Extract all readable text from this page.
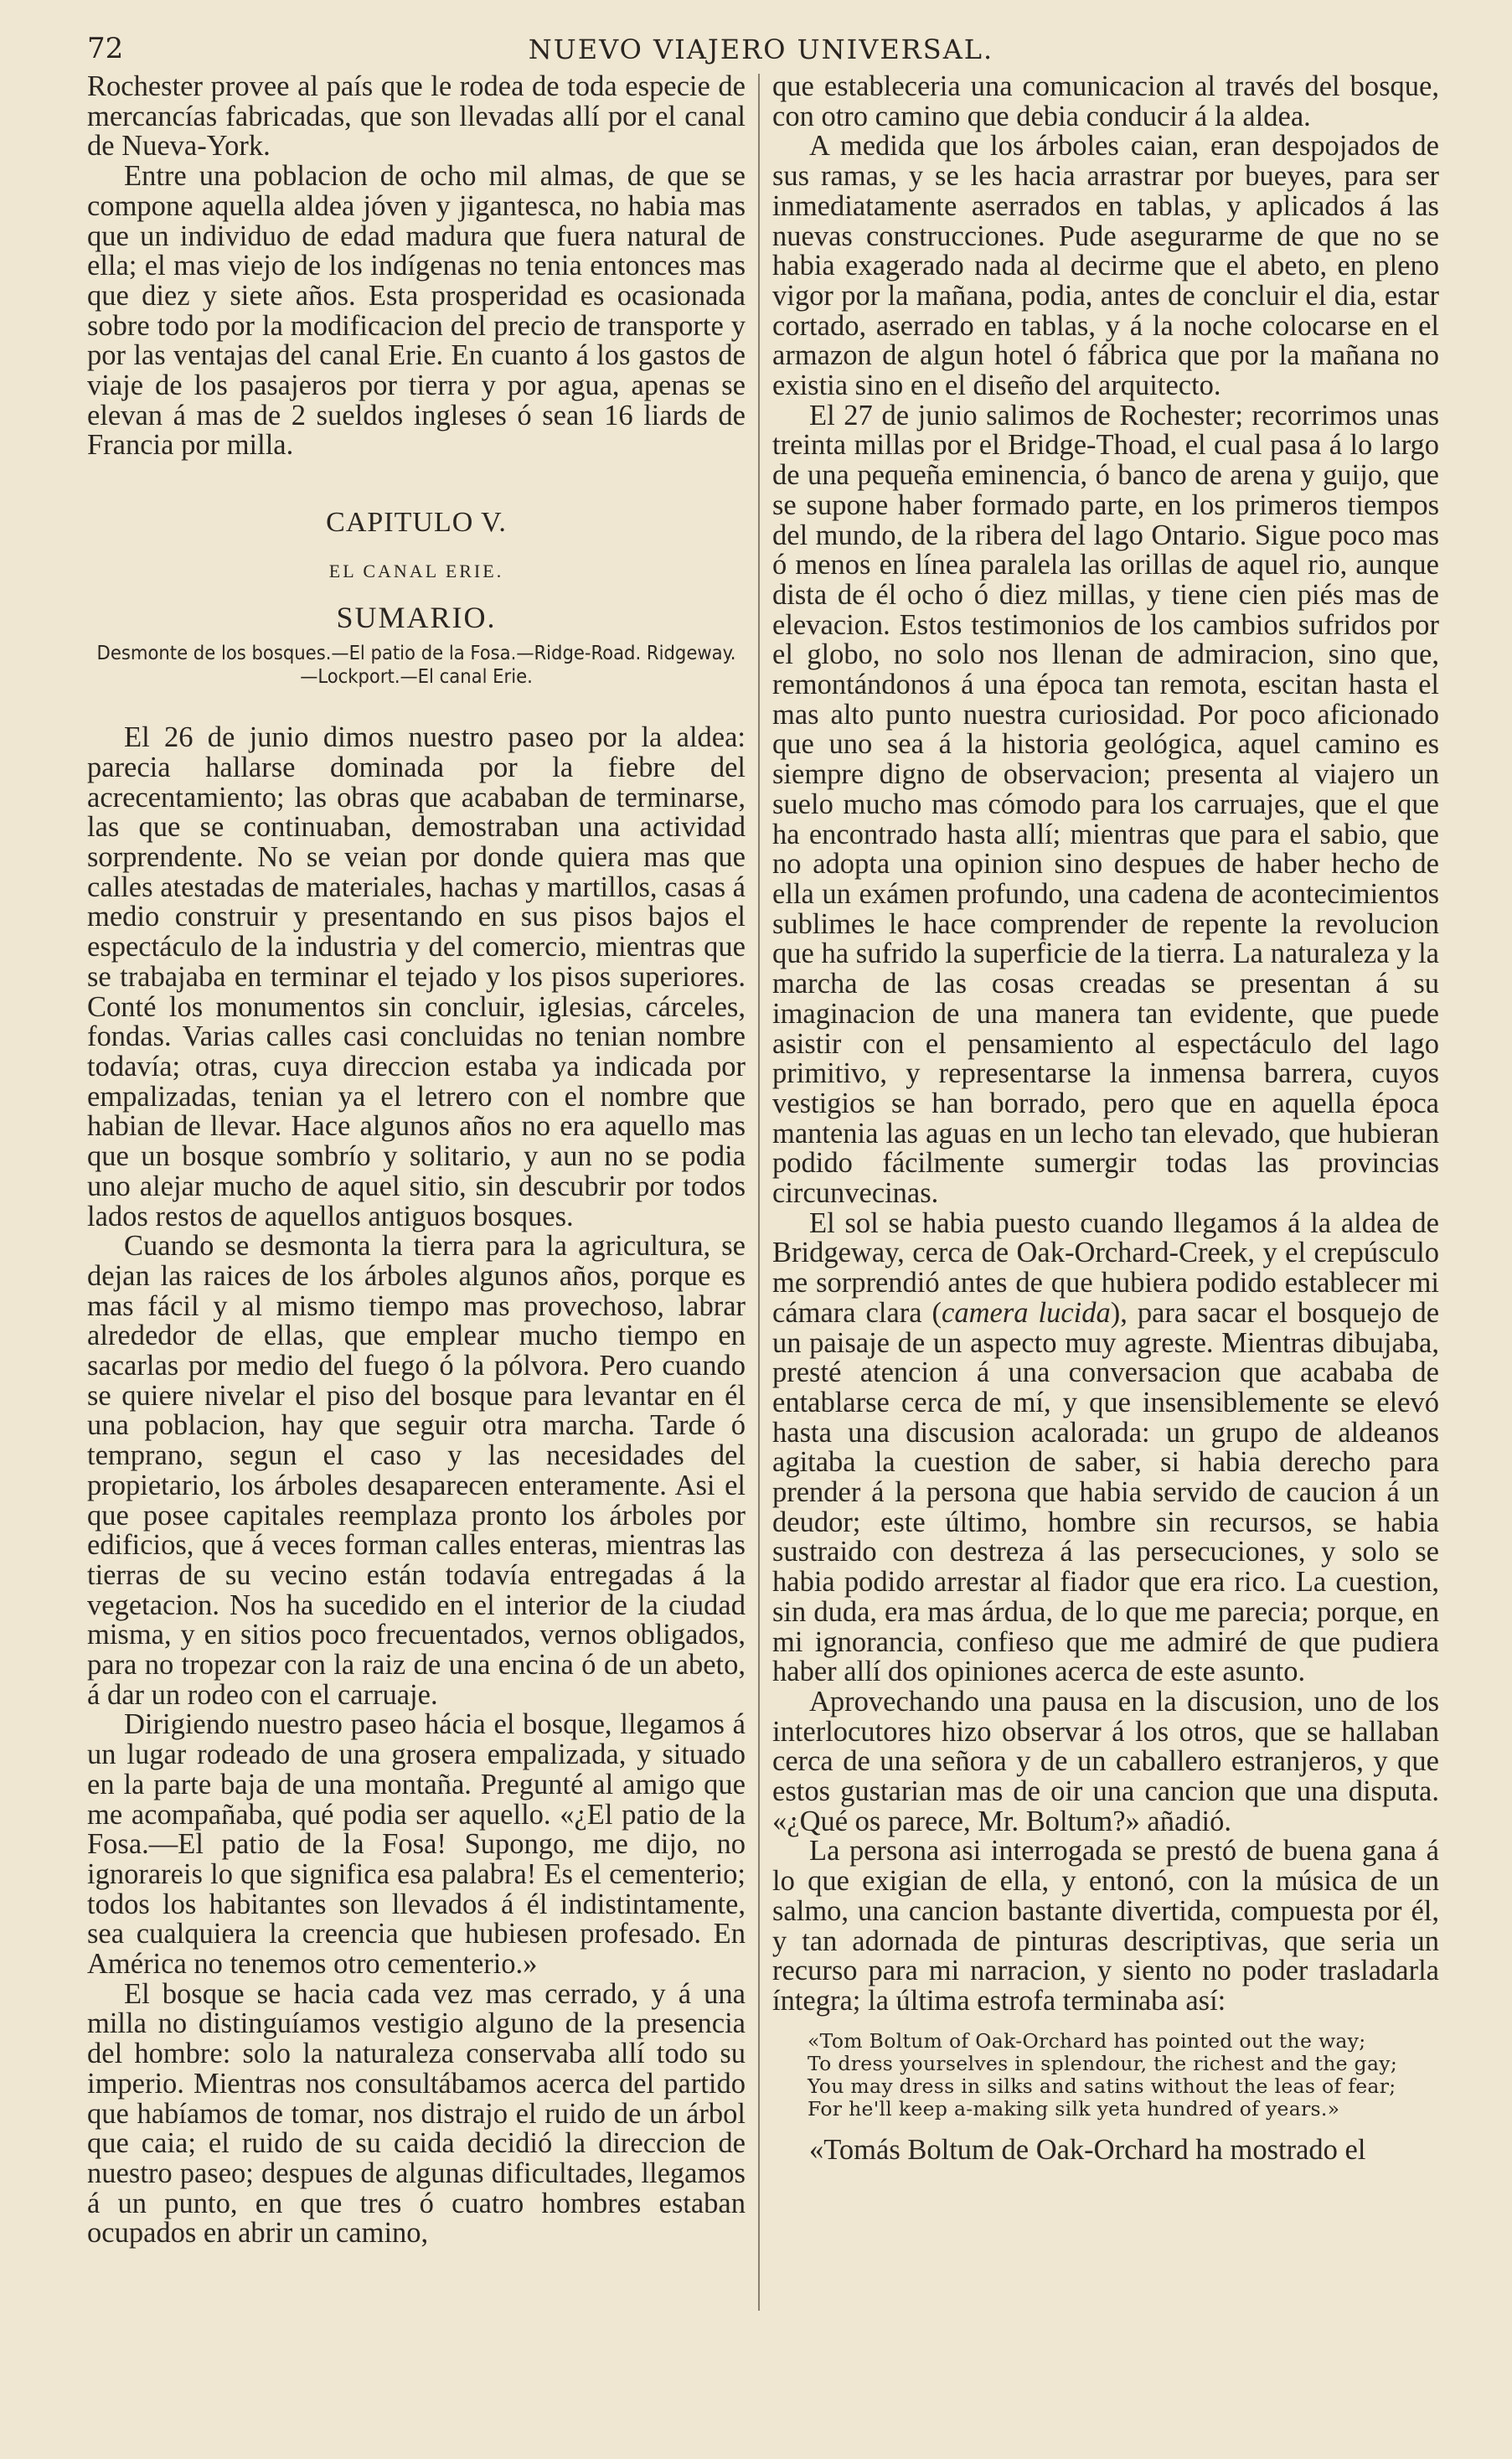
72	NUEVO VIAJERO UNIVERSAL.

Rochester provee al país que le rodea de toda especie de mercancías fabricadas, que son llevadas allí por el canal de Nueva-York.

Entre una poblacion de ocho mil almas, de que se compone aquella aldea jóven y jigantesca, no habia mas que un individuo de edad madura que fuera natural de ella; el mas viejo de los indígenas no tenia entonces mas que diez y siete años. Esta prosperidad es ocasionada sobre todo por la modificacion del precio de transporte y por las ventajas del canal Erie. En cuanto á los gastos de viaje de los pasajeros por tierra y por agua, apenas se elevan á mas de 2 sueldos ingleses ó sean 16 liards de Francia por milla.

CAPITULO V.
EL CANAL ERIE.
SUMARIO.
Desmonte de los bosques.—El patio de la Fosa.—Ridge-Road. Ridgeway.—Lockport.—El canal Erie.

El 26 de junio dimos nuestro paseo por la aldea: parecia hallarse dominada por la fiebre del acrecentamiento; las obras que acababan de terminarse, las que se continuaban, demostraban una actividad sorprendente. No se veian por donde quiera mas que calles atestadas de materiales, hachas y martillos, casas á medio construir y presentando en sus pisos bajos el espectáculo de la industria y del comercio, mientras que se trabajaba en terminar el tejado y los pisos superiores. Conté los monumentos sin concluir, iglesias, cárceles, fondas. Varias calles casi concluidas no tenian nombre todavía; otras, cuya direccion estaba ya indicada por empalizadas, tenian ya el letrero con el nombre que habian de llevar. Hace algunos años no era aquello mas que un bosque sombrío y solitario, y aun no se podia uno alejar mucho de aquel sitio, sin descubrir por todos lados restos de aquellos antiguos bosques.

Cuando se desmonta la tierra para la agricultura, se dejan las raices de los árboles algunos años, porque es mas fácil y al mismo tiempo mas provechoso, labrar alrededor de ellas, que emplear mucho tiempo en sacarlas por medio del fuego ó la pólvora. Pero cuando se quiere nivelar el piso del bosque para levantar en él una poblacion, hay que seguir otra marcha. Tarde ó temprano, segun el caso y las necesidades del propietario, los árboles desaparecen enteramente. Asi el que posee capitales reemplaza pronto los árboles por edificios, que á veces forman calles enteras, mientras las tierras de su vecino están todavía entregadas á la vegetacion. Nos ha sucedido en el interior de la ciudad misma, y en sitios poco frecuentados, vernos obligados, para no tropezar con la raiz de una encina ó de un abeto, á dar un rodeo con el carruaje.

Dirigiendo nuestro paseo hácia el bosque, llegamos á un lugar rodeado de una grosera empalizada, y situado en la parte baja de una montaña. Pregunté al amigo que me acompañaba, qué podia ser aquello. «¿El patio de la Fosa.—El patio de la Fosa! Supongo, me dijo, no ignorareis lo que significa esa palabra! Es el cementerio; todos los habitantes son llevados á él indistintamente, sea cualquiera la creencia que hubiesen profesado. En América no tenemos otro cementerio.»

El bosque se hacia cada vez mas cerrado, y á una milla no distinguíamos vestigio alguno de la presencia del hombre: solo la naturaleza conservaba allí todo su imperio. Mientras nos consultábamos acerca del partido que habíamos de tomar, nos distrajo el ruido de un árbol que caia; el ruido de su caida decidió la direccion de nuestro paseo; despues de algunas dificultades, llegamos á un punto, en que tres ó cuatro hombres estaban ocupados en abrir un camino,

que estableceria una comunicacion al través del bosque, con otro camino que debia conducir á la aldea.

A medida que los árboles caian, eran despojados de sus ramas, y se les hacia arrastrar por bueyes, para ser inmediatamente aserrados en tablas, y aplicados á las nuevas construcciones. Pude asegurarme de que no se habia exagerado nada al decirme que el abeto, en pleno vigor por la mañana, podia, antes de concluir el dia, estar cortado, aserrado en tablas, y á la noche colocarse en el armazon de algun hotel ó fábrica que por la mañana no existia sino en el diseño del arquitecto.

El 27 de junio salimos de Rochester; recorrimos unas treinta millas por el Bridge-Thoad, el cual pasa á lo largo de una pequeña eminencia, ó banco de arena y guijo, que se supone haber formado parte, en los primeros tiempos del mundo, de la ribera del lago Ontario. Sigue poco mas ó menos en línea paralela las orillas de aquel rio, aunque dista de él ocho ó diez millas, y tiene cien piés mas de elevacion. Estos testimonios de los cambios sufridos por el globo, no solo nos llenan de admiracion, sino que, remontándonos á una época tan remota, escitan hasta el mas alto punto nuestra curiosidad. Por poco aficionado que uno sea á la historia geológica, aquel camino es siempre digno de observacion; presenta al viajero un suelo mucho mas cómodo para los carruajes, que el que ha encontrado hasta allí; mientras que para el sabio, que no adopta una opinion sino despues de haber hecho de ella un exámen profundo, una cadena de acontecimientos sublimes le hace comprender de repente la revolucion que ha sufrido la superficie de la tierra. La naturaleza y la marcha de las cosas creadas se presentan á su imaginacion de una manera tan evidente, que puede asistir con el pensamiento al espectáculo del lago primitivo, y representarse la inmensa barrera, cuyos vestigios se han borrado, pero que en aquella época mantenia las aguas en un lecho tan elevado, que hubieran podido fácilmente sumergir todas las provincias circunvecinas.

El sol se habia puesto cuando llegamos á la aldea de Bridgeway, cerca de Oak-Orchard-Creek, y el crepúsculo me sorprendió antes de que hubiera podido establecer mi cámara clara (camera lucida), para sacar el bosquejo de un paisaje de un aspecto muy agreste. Mientras dibujaba, presté atencion á una conversacion que acababa de entablarse cerca de mí, y que insensiblemente se elevó hasta una discusion acalorada: un grupo de aldeanos agitaba la cuestion de saber, si habia derecho para prender á la persona que habia servido de caucion á un deudor; este último, hombre sin recursos, se habia sustraido con destreza á las persecuciones, y solo se habia podido arrestar al fiador que era rico. La cuestion, sin duda, era mas árdua, de lo que me parecia; porque, en mi ignorancia, confieso que me admiré de que pudiera haber allí dos opiniones acerca de este asunto.

Aprovechando una pausa en la discusion, uno de los interlocutores hizo observar á los otros, que se hallaban cerca de una señora y de un caballero estranjeros, y que estos gustarian mas de oir una cancion que una disputa. «¿Qué os parece, Mr. Boltum?» añadió.

La persona asi interrogada se prestó de buena gana á lo que exigian de ella, y entonó, con la música de un salmo, una cancion bastante divertida, compuesta por él, y tan adornada de pinturas descriptivas, que seria un recurso para mi narracion, y siento no poder trasladarla íntegra; la última estrofa terminaba así:

«Tom Boltum of Oak-Orchard has pointed out the way;
To dress yourselves in splendour, the richest and the gay;
You may dress in silks and satins without the leas of fear;
For he'll keep a-making silk yeta hundred of years.»

«Tomás Boltum de Oak-Orchard ha mostrado el
